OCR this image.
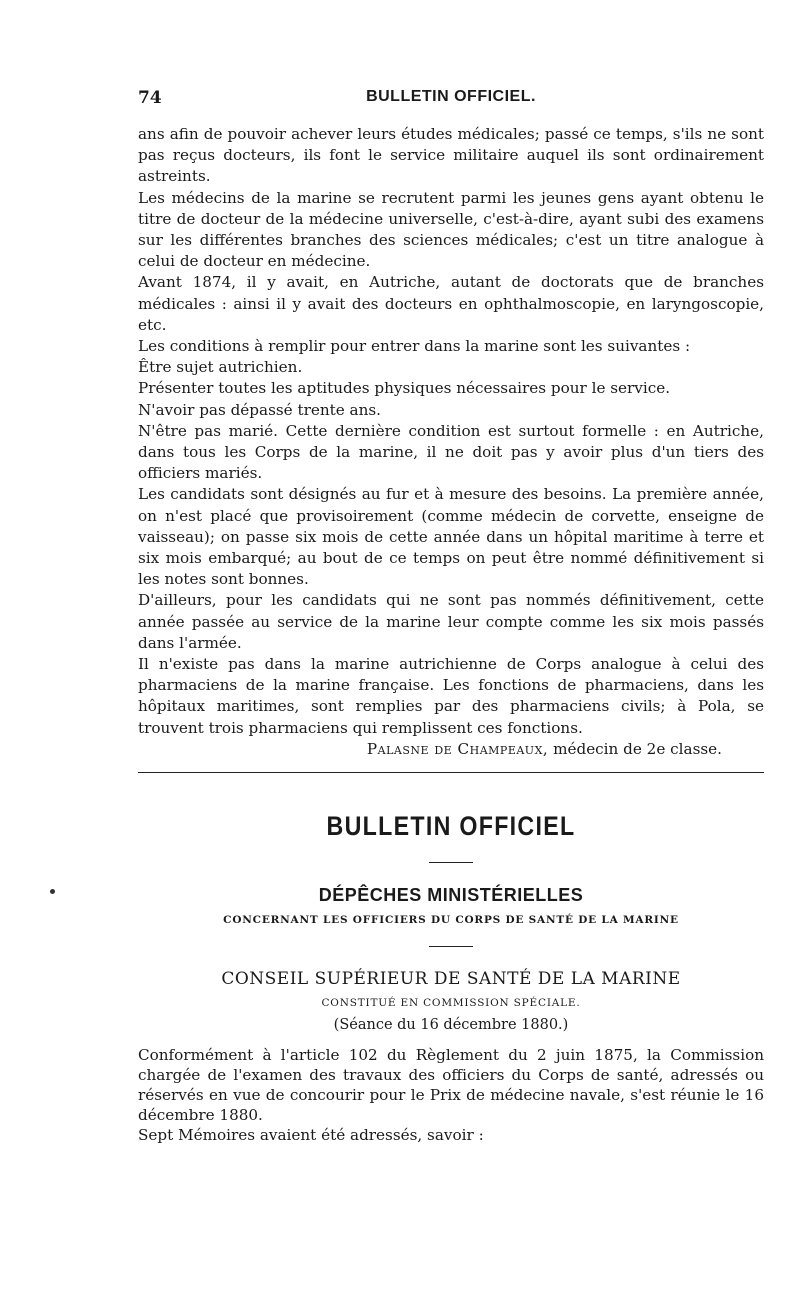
74	BULLETIN OFFICIEL.

ans afin de pouvoir achever leurs études médicales; passé ce temps, s'ils ne sont pas reçus docteurs, ils font le service militaire auquel ils sont ordinairement astreints.

Les médecins de la marine se recrutent parmi les jeunes gens ayant obtenu le titre de docteur de la médecine universelle, c'est-à-dire, ayant subi des examens sur les différentes branches des sciences médicales; c'est un titre analogue à celui de docteur en médecine.

Avant 1874, il y avait, en Autriche, autant de doctorats que de branches médicales : ainsi il y avait des docteurs en ophthalmoscopie, en laryngoscopie, etc.

Les conditions à remplir pour entrer dans la marine sont les suivantes :

Être sujet autrichien.

Présenter toutes les aptitudes physiques nécessaires pour le service.

N'avoir pas dépassé trente ans.

N'être pas marié. Cette dernière condition est surtout formelle : en Autriche, dans tous les Corps de la marine, il ne doit pas y avoir plus d'un tiers des officiers mariés.

Les candidats sont désignés au fur et à mesure des besoins. La première année, on n'est placé que provisoirement (comme médecin de corvette, enseigne de vaisseau); on passe six mois de cette année dans un hôpital maritime à terre et six mois embarqué; au bout de ce temps on peut être nommé définitivement si les notes sont bonnes.

D'ailleurs, pour les candidats qui ne sont pas nommés définitivement, cette année passée au service de la marine leur compte comme les six mois passés dans l'armée.

Il n'existe pas dans la marine autrichienne de Corps analogue à celui des pharmaciens de la marine française. Les fonctions de pharmaciens, dans les hôpitaux maritimes, sont remplies par des pharmaciens civils; à Pola, se trouvent trois pharmaciens qui remplissent ces fonctions.

Palasne de Champeaux, médecin de 2e classe.
BULLETIN OFFICIEL
DÉPÊCHES MINISTÉRIELLES
CONCERNANT LES OFFICIERS DU CORPS DE SANTÉ DE LA MARINE
CONSEIL SUPÉRIEUR DE SANTÉ DE LA MARINE
CONSTITUÉ EN COMMISSION SPÉCIALE.
(Séance du 16 décembre 1880.)

Conformément à l'article 102 du Règlement du 2 juin 1875, la Commission chargée de l'examen des travaux des officiers du Corps de santé, adressés ou réservés en vue de concourir pour le Prix de médecine navale, s'est réunie le 16 décembre 1880.

Sept Mémoires avaient été adressés, savoir :
